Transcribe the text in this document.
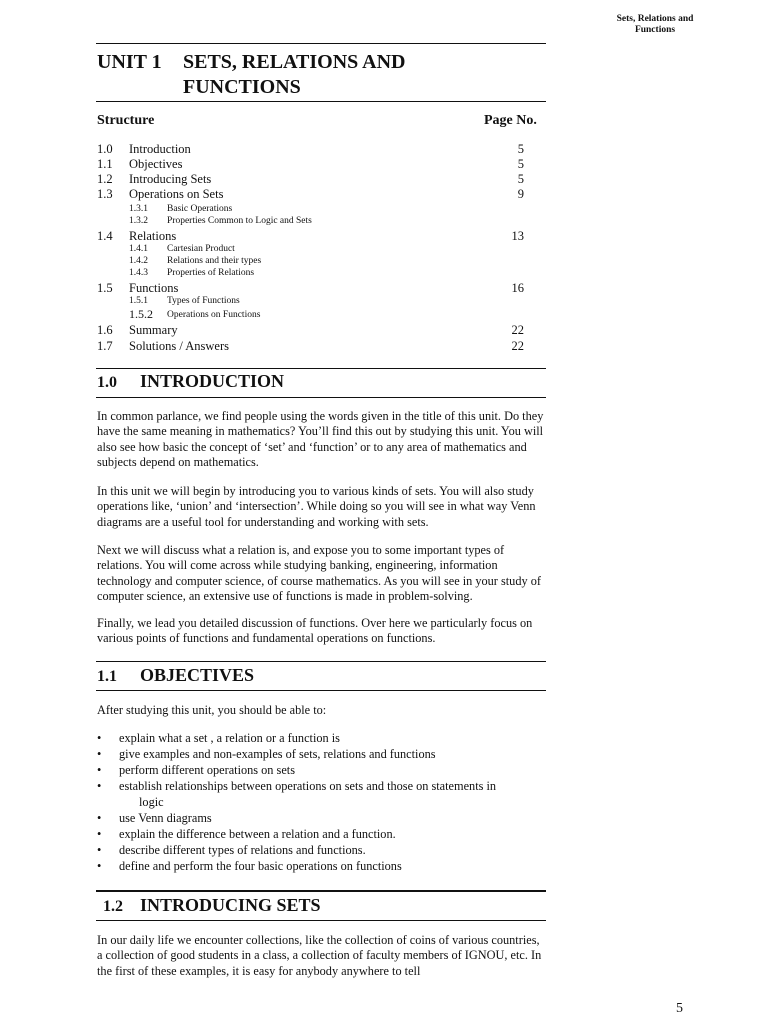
Sets, Relations and Functions
UNIT 1 SETS, RELATIONS AND
FUNCTIONS
Structure	Page No.
1.0 Introduction	5
1.1 Objectives	5
1.2 Introducing Sets	5
1.3 Operations on Sets	9
1.3.1 Basic Operations
1.3.2 Properties Common to Logic and Sets
1.4 Relations	13
1.4.1 Cartesian Product
1.4.2 Relations and their types
1.4.3 Properties of Relations
1.5 Functions	16
1.5.1 Types of Functions
1.5.2 Operations on Functions
1.6 Summary	22
1.7 Solutions / Answers	22
1.0 INTRODUCTION
In common parlance, we find people using the words given in the title of this unit. Do they have the same meaning in mathematics? You’ll find this out by studying this unit. You will also see how basic the concept of ‘set’ and ‘function’ or to any area of mathematics and subjects depend on mathematics.
In this unit we will begin by introducing you to various kinds of sets. You will also study operations like, ‘union’ and ‘intersection’. While doing so you will see in what way Venn diagrams are a useful tool for understanding and working with sets.
Next we will discuss what a relation is, and expose you to some important types of relations. You will come across while studying banking, engineering, information technology and computer science, of course mathematics. As you will see in your study of computer science, an extensive use of functions is made in problem-solving.
Finally, we lead you detailed discussion of functions. Over here we particularly focus on various points of functions and fundamental operations on functions.
1.1 OBJECTIVES
After studying this unit, you should be able to:
• explain what a set , a relation or a function is
• give examples and non-examples of sets, relations and functions
• perform different operations on sets
• establish relationships between operations on sets and those on statements in
logic
• use Venn diagrams
• explain the difference between a relation and a function.
• describe different types of relations and functions.
• define and perform the four basic operations on functions
1.2 INTRODUCING SETS
In our daily life we encounter collections, like the collection of coins of various countries, a collection of good students in a class, a collection of faculty members of IGNOU, etc. In the first of these examples, it is easy for anybody anywhere to tell
5
